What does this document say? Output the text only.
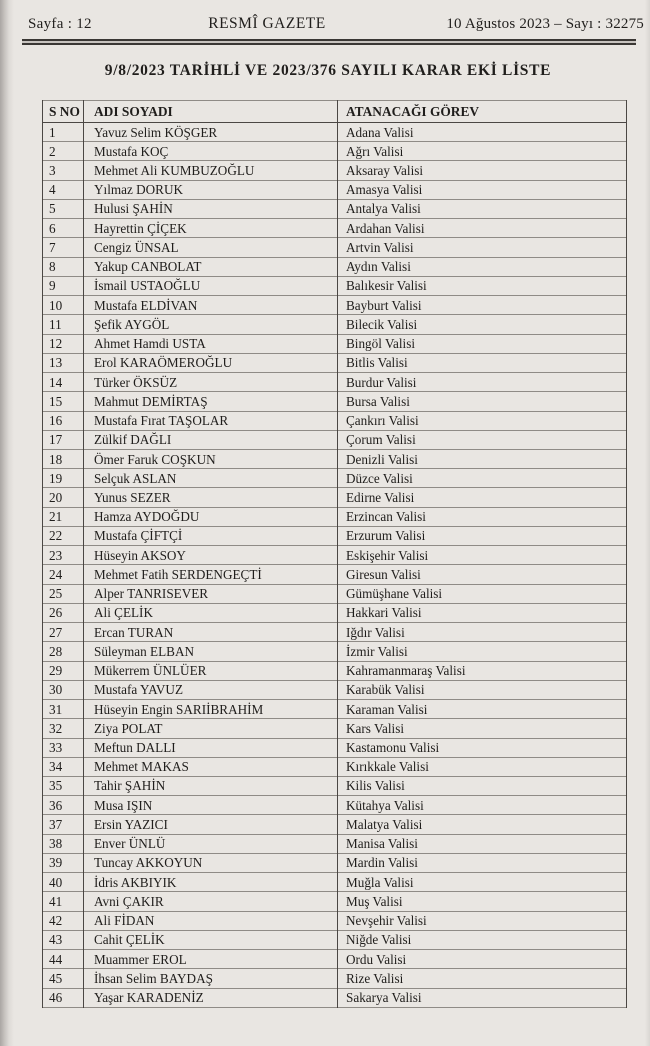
Sayfa : 12	RESMÎ GAZETE	10 Ağustos 2023 – Sayı : 32275
9/8/2023 TARİHLİ VE 2023/376 SAYILI KARAR EKİ LİSTE
S NO	ADI SOYADI	ATANACAĞI GÖREV
1	Yavuz Selim KÖŞGER	Adana Valisi
2	Mustafa KOÇ	Ağrı Valisi
3	Mehmet Ali KUMBUZOĞLU	Aksaray Valisi
4	Yılmaz DORUK	Amasya Valisi
5	Hulusi ŞAHİN	Antalya Valisi
6	Hayrettin ÇİÇEK	Ardahan Valisi
7	Cengiz ÜNSAL	Artvin Valisi
8	Yakup CANBOLAT	Aydın Valisi
9	İsmail USTAOĞLU	Balıkesir Valisi
10	Mustafa ELDİVAN	Bayburt Valisi
11	Şefik AYGÖL	Bilecik Valisi
12	Ahmet Hamdi USTA	Bingöl Valisi
13	Erol KARAÖMEROĞLU	Bitlis Valisi
14	Türker ÖKSÜZ	Burdur Valisi
15	Mahmut DEMİRTAŞ	Bursa Valisi
16	Mustafa Fırat TAŞOLAR	Çankırı Valisi
17	Zülkif DAĞLI	Çorum Valisi
18	Ömer Faruk COŞKUN	Denizli Valisi
19	Selçuk ASLAN	Düzce Valisi
20	Yunus SEZER	Edirne Valisi
21	Hamza AYDOĞDU	Erzincan Valisi
22	Mustafa ÇİFTÇİ	Erzurum Valisi
23	Hüseyin AKSOY	Eskişehir Valisi
24	Mehmet Fatih SERDENGEÇTİ	Giresun Valisi
25	Alper TANRISEVER	Gümüşhane Valisi
26	Ali ÇELİK	Hakkari Valisi
27	Ercan TURAN	Iğdır Valisi
28	Süleyman ELBAN	İzmir Valisi
29	Mükerrem ÜNLÜER	Kahramanmaraş Valisi
30	Mustafa YAVUZ	Karabük Valisi
31	Hüseyin Engin SARIİBRAHİM	Karaman Valisi
32	Ziya POLAT	Kars Valisi
33	Meftun DALLI	Kastamonu Valisi
34	Mehmet MAKAS	Kırıkkale Valisi
35	Tahir ŞAHİN	Kilis Valisi
36	Musa IŞIN	Kütahya Valisi
37	Ersin YAZICI	Malatya Valisi
38	Enver ÜNLÜ	Manisa Valisi
39	Tuncay AKKOYUN	Mardin Valisi
40	İdris AKBIYIK	Muğla Valisi
41	Avni ÇAKIR	Muş Valisi
42	Ali FİDAN	Nevşehir Valisi
43	Cahit ÇELİK	Niğde Valisi
44	Muammer EROL	Ordu Valisi
45	İhsan Selim BAYDAŞ	Rize Valisi
46	Yaşar KARADENİZ	Sakarya Valisi
